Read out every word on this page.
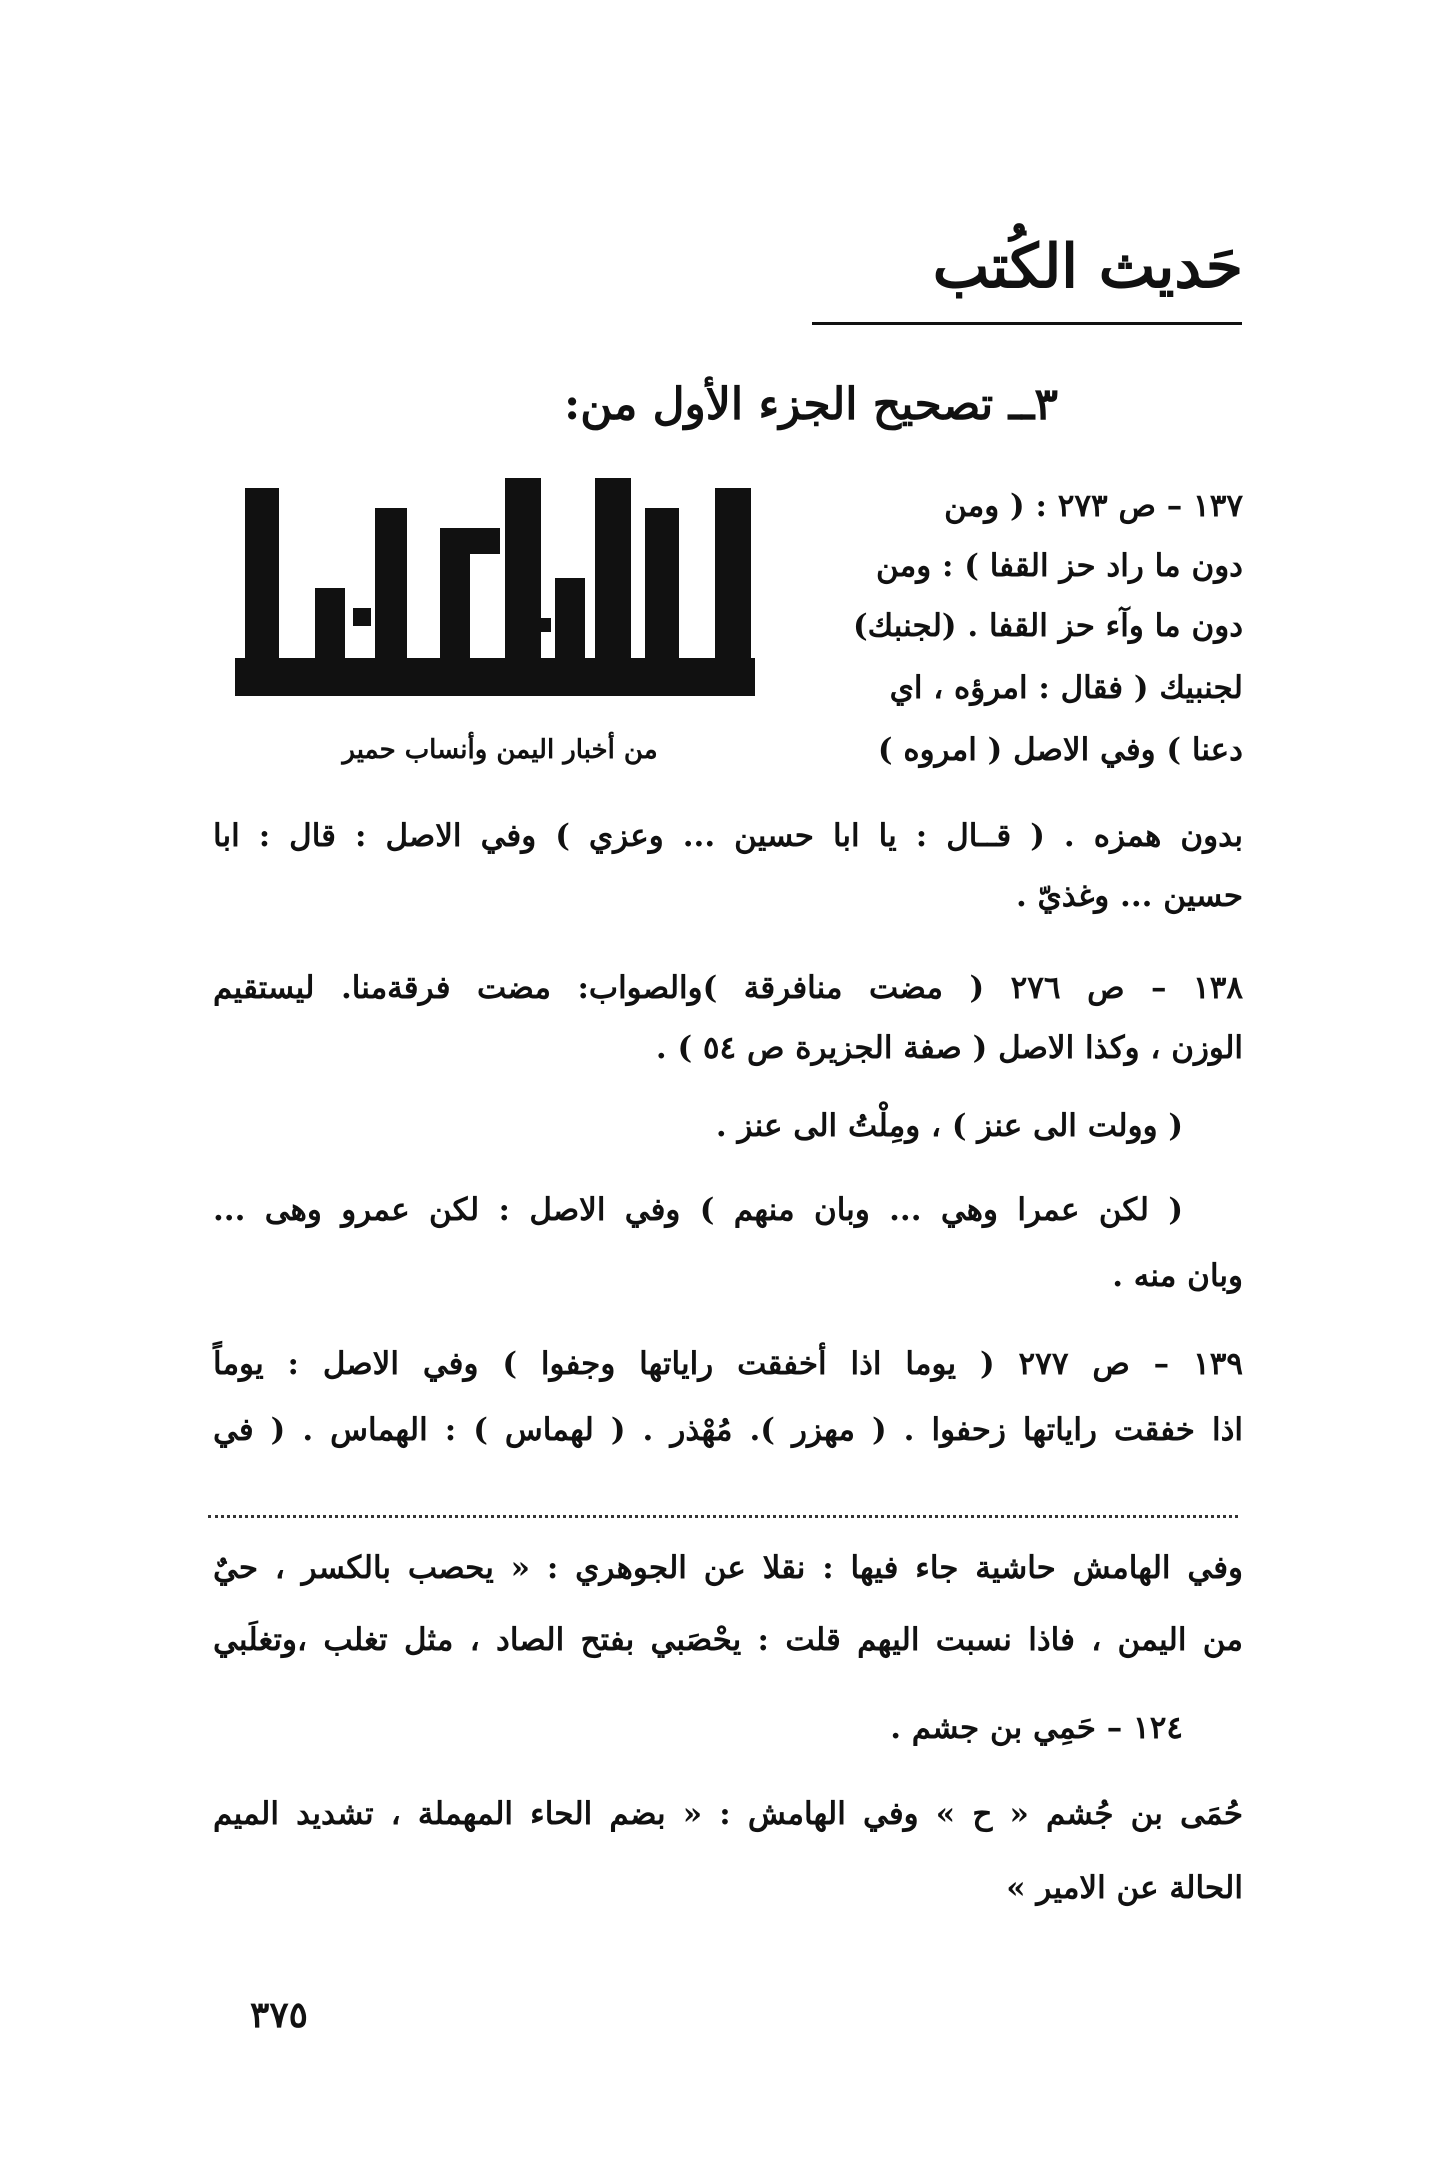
حَديث الكُتب
٣ــ تصحيح الجزء الأول من:
من أخبار اليمن وأنساب حمير
١٣٧ – ص ٢٧٣ : ( ومن
دون ما راد حز القفا ) : ومن
دون ما وآء حز القفا . (لجنبك)
لجنبيك ( فقال : امرؤه ، اي
دعنا ) وفي الاصل ( امروه )
بدون همزه . ( قــال : يا ابا حسين ... وعزي ) وفي الاصل : قال : ابا
حسين ... وغذيّ .
١٣٨ – ص ٢٧٦ ( مضت منافرقة )والصواب: مضت فرقةمنا. ليستقيم
الوزن ، وكذا الاصل ( صفة الجزيرة ص ٥٤ ) .
( وولت الى عنز ) ، ومِلْتُ الى عنز .
( لكن عمرا وهي ... وبان منهم ) وفي الاصل : لكن عمرو وهى ...
وبان منه .
١٣٩ – ص ٢٧٧ ( يوما اذا أخفقت راياتها وجفوا ) وفي الاصل : يوماً
اذا خفقت راياتها زحفوا . ( مهزر ). مُهْذر . ( لهماس ) : الهماس . ( في
وفي الهامش حاشية جاء فيها : نقلا عن الجوهري : « يحصب بالكسر ، حيٌ
من اليمن ، فاذا نسبت اليهم قلت : يحْصَبي بفتح الصاد ، مثل تغلب ،وتغلَبي
١٢٤ – حَمِي بن جشم .
حُمَى بن جُشم « ح » وفي الهامش : « بضم الحاء المهملة ، تشديد الميم
الحالة عن الامير »
٣٧٥
